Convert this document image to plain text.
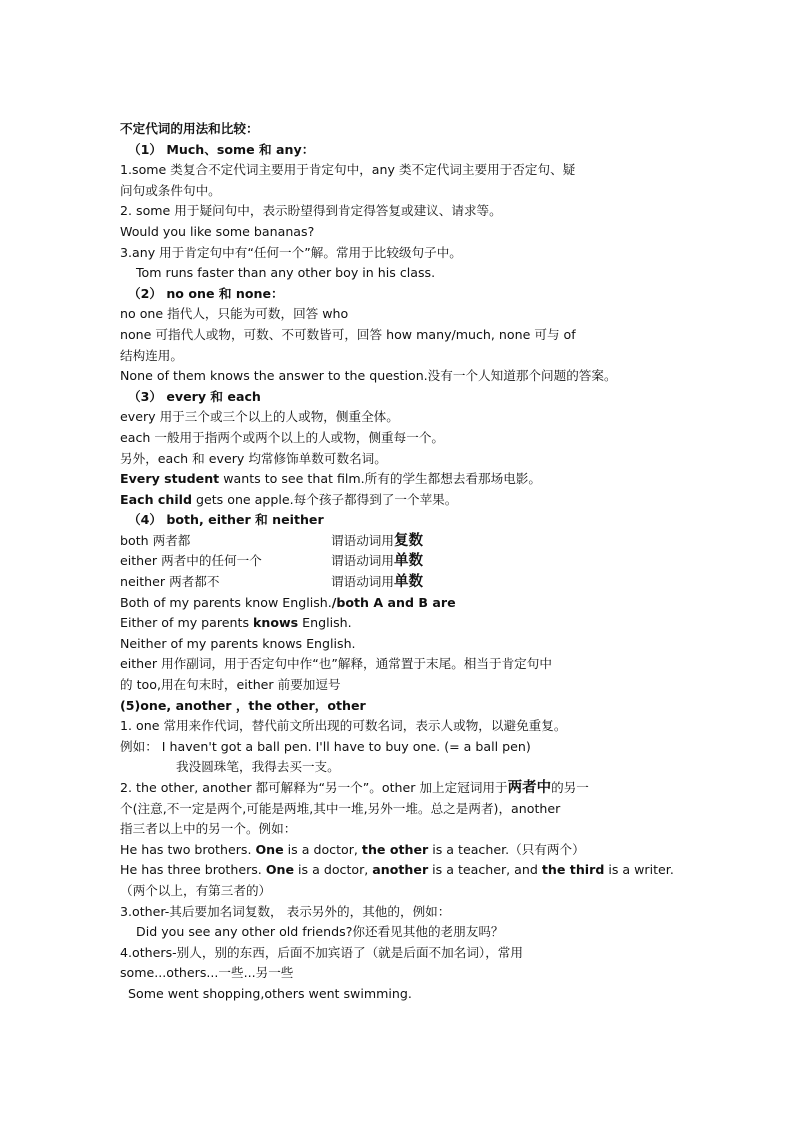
不定代词的用法和比较：
（1） Much、some 和 any：
1.some 类复合不定代词主要用于肯定句中，any 类不定代词主要用于否定句、疑
问句或条件句中。
2. some 用于疑问句中，表示盼望得到肯定得答复或建议、请求等。
Would you like some bananas?
3.any 用于肯定句中有“任何一个”解。常用于比较级句子中。
Tom runs faster than any other boy in his class.
（2） no one 和 none：
no one 指代人，只能为可数，回答 who
none 可指代人或物，可数、不可数皆可，回答 how many/much, none 可与 of
结构连用。
None of them knows the answer to the question.没有一个人知道那个问题的答案。
（3） every 和 each
every 用于三个或三个以上的人或物，侧重全体。
each 一般用于指两个或两个以上的人或物，侧重每一个。
另外，each 和 every 均常修饰单数可数名词。
Every student wants to see that film.所有的学生都想去看那场电影。
Each child gets one apple.每个孩子都得到了一个苹果。
（4） both, either 和 neither
both 两者都	谓语动词用复数
either 两者中的任何一个	谓语动词用单数
neither 两者都不	谓语动词用单数
Both of my parents know English./both A and B are
Either of my parents knows English.
Neither of my parents knows English.
either 用作副词，用于否定句中作“也”解释，通常置于末尾。相当于肯定句中
的 too,用在句末时，either 前要加逗号
(5)one, another ，the other，other
1. one 常用来作代词，替代前文所出现的可数名词，表示人或物，以避免重复。
例如： I haven't got a ball pen. I'll have to buy one. (= a ball pen)
我没圆珠笔，我得去买一支。
2. the other, another 都可解释为“另一个”。other 加上定冠词用于两者中的另一
个(注意,不一定是两个,可能是两堆,其中一堆,另外一堆。总之是两者)，another
指三者以上中的另一个。例如：
He has two brothers. One is a doctor, the other is a teacher.（只有两个）
He has three brothers. One is a doctor, another is a teacher, and the third is a writer.
（两个以上，有第三者的）
3.other-其后要加名词复数， 表示另外的，其他的，例如：
Did you see any other old friends?你还看见其他的老朋友吗？
4.others-别人，别的东西，后面不加宾语了（就是后面不加名词），常用
some...others...一些...另一些
Some went shopping,others went swimming.
